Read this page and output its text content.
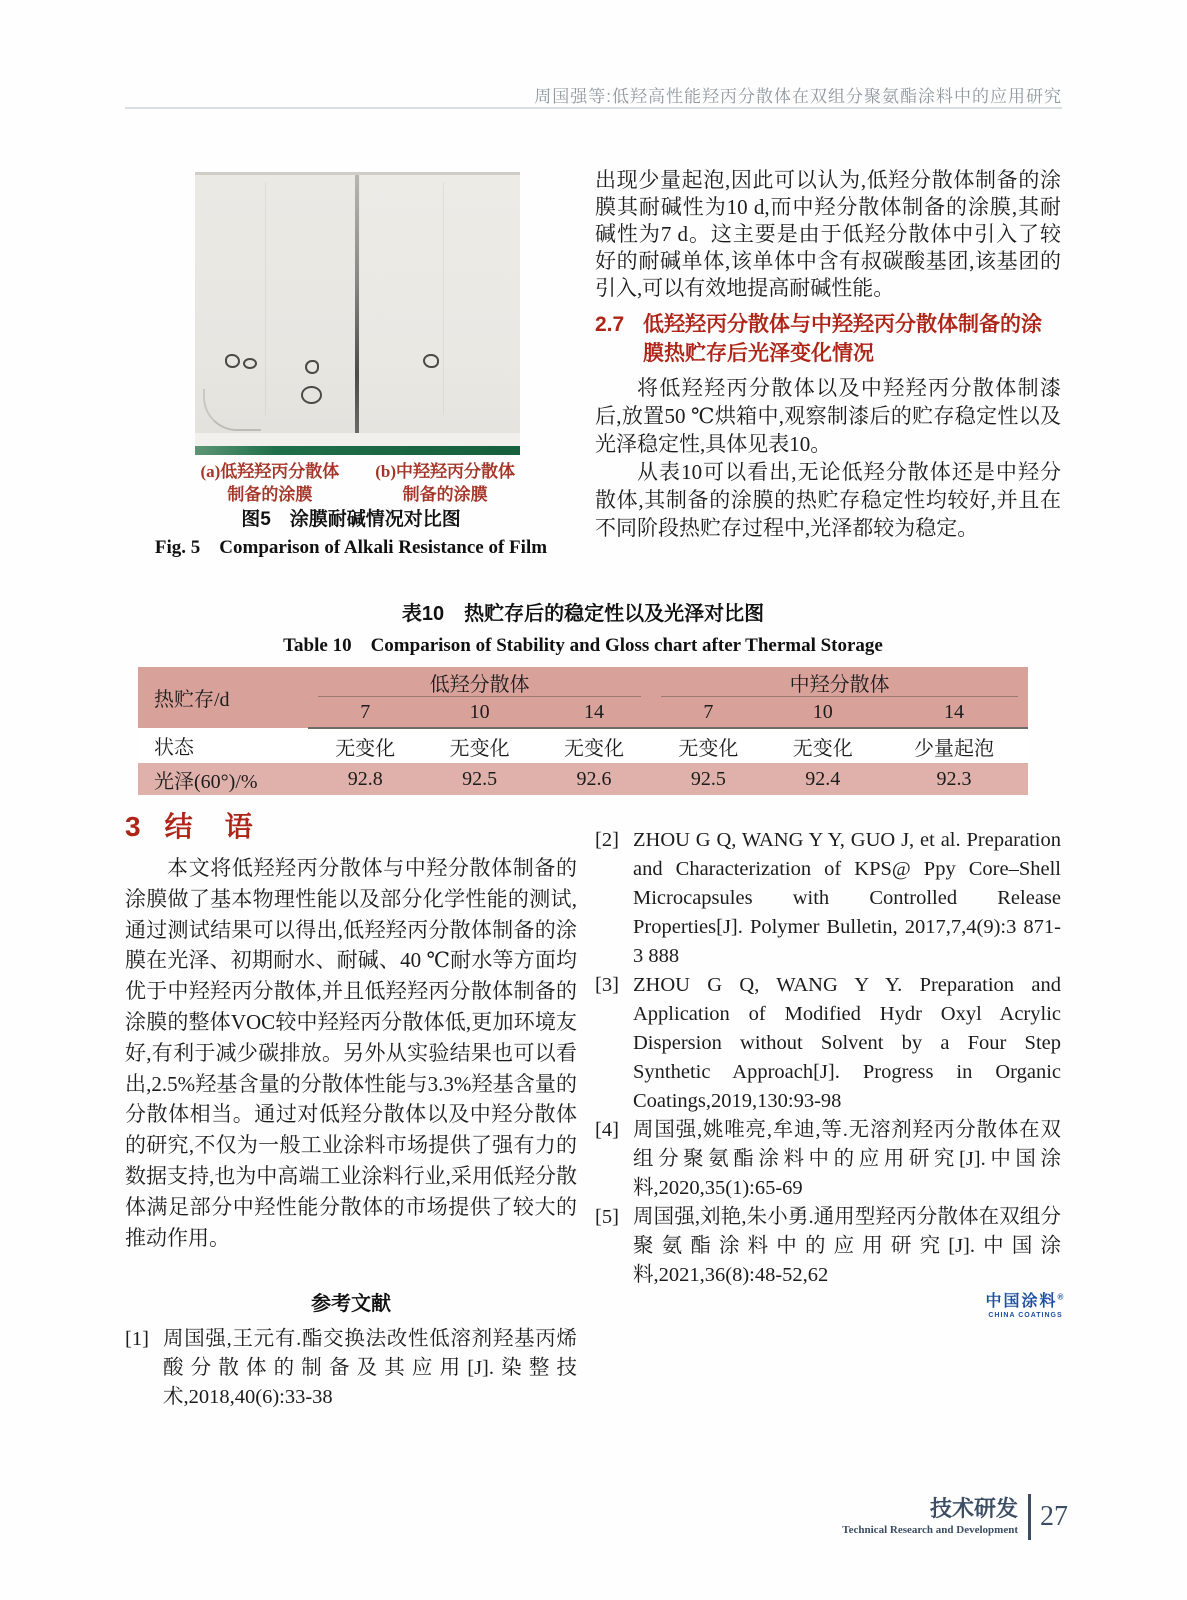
周国强等:低羟高性能羟丙分散体在双组分聚氨酯涂料中的应用研究
(a)低羟羟丙分散体
制备的涂膜
(b)中羟羟丙分散体
制备的涂膜
图5　涂膜耐碱情况对比图
Fig. 5　Comparison of Alkali Resistance of Film

出现少量起泡,因此可以认为,低羟分散体制备的涂膜其耐碱性为10 d,而中羟分散体制备的涂膜,其耐碱性为7 d。这主要是由于低羟分散体中引入了较好的耐碱单体,该单体中含有叔碳酸基团,该基团的引入,可以有效地提高耐碱性能。

2.7 低羟羟丙分散体与中羟羟丙分散体制备的涂膜热贮存后光泽变化情况

将低羟羟丙分散体以及中羟羟丙分散体制漆后,放置50 ℃烘箱中,观察制漆后的贮存稳定性以及光泽稳定性,具体见表10。

从表10可以看出,无论低羟分散体还是中羟分散体,其制备的涂膜的热贮存稳定性均较好,并且在不同阶段热贮存过程中,光泽都较为稳定。

表10　热贮存后的稳定性以及光泽对比图
Table 10　Comparison of Stability and Gloss chart after Thermal Storage
热贮存/d	低羟分散体			中羟分散体		
	7	10	14	7	10	14
状态	无变化	无变化	无变化	无变化	无变化	少量起泡
光泽(60°)/%	92.8	92.5	92.6	92.5	92.4	92.3
3 结　语
本文将低羟羟丙分散体与中羟分散体制备的涂膜做了基本物理性能以及部分化学性能的测试,通过测试结果可以得出,低羟羟丙分散体制备的涂膜在光泽、初期耐水、耐碱、40 ℃耐水等方面均优于中羟羟丙分散体,并且低羟羟丙分散体制备的涂膜的整体VOC较中羟羟丙分散体低,更加环境友好,有利于减少碳排放。另外从实验结果也可以看出,2.5%羟基含量的分散体性能与3.3%羟基含量的分散体相当。通过对低羟分散体以及中羟分散体的研究,不仅为一般工业涂料市场提供了强有力的数据支持,也为中高端工业涂料行业,采用低羟分散体满足部分中羟性能分散体的市场提供了较大的推动作用。
参考文献
[1] 周国强,王元有.酯交换法改性低溶剂羟基丙烯酸分散体的制备及其应用[J].染整技术,2018,40(6):33-38
[2] ZHOU G Q, WANG Y Y, GUO J, et al. Preparation and Characterization of KPS@ Ppy Core–Shell Microcapsules with Controlled Release Properties[J]. Polymer Bulletin, 2017,7,4(9):3 871-3 888
[3] ZHOU G Q, WANG Y Y. Preparation and Application of Modified Hydr Oxyl Acrylic Dispersion without Solvent by a Four Step Synthetic Approach[J]. Progress in Organic Coatings,2019,130:93-98
[4] 周国强,姚唯亮,牟迪,等.无溶剂羟丙分散体在双组分聚氨酯涂料中的应用研究[J].中国涂料,2020,35(1):65-69
[5] 周国强,刘艳,朱小勇.通用型羟丙分散体在双组分聚氨酯涂料中的应用研究[J].中国涂料,2021,36(8):48-52,62
中国涂料®
CHINA COATINGS
技术研发
Technical Research and Development 27
